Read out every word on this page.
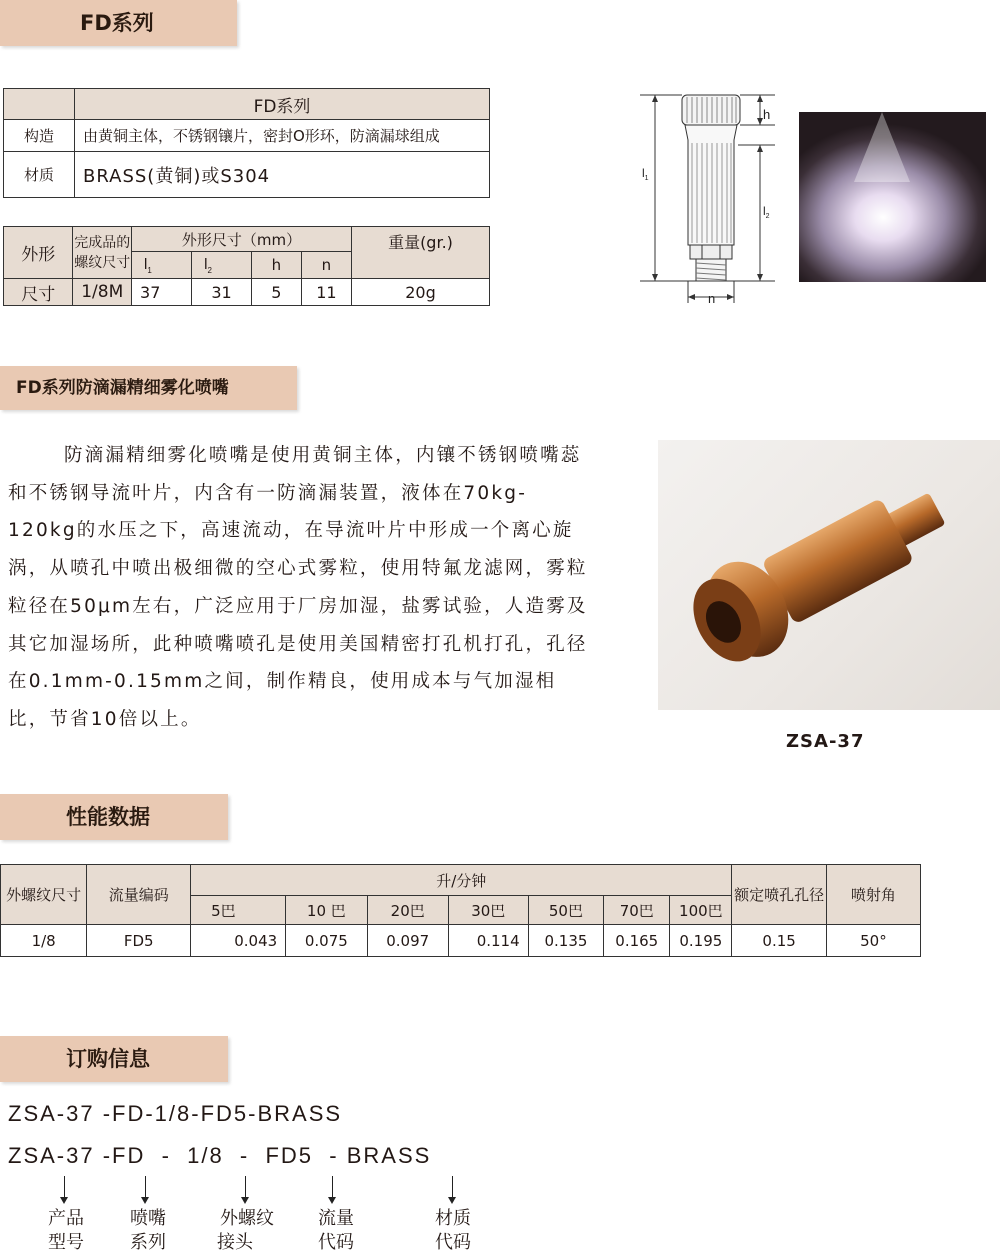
FD系列
	FD系列
构造	由黄铜主体，不锈钢镶片，密封O形环，防滴漏球组成
材质	BRASS(黄铜)或S304
外形	完成品的螺纹尺寸	外形尺寸（mm）				重量(gr.)
		$l_1$	$l_2$	h	n	
尺寸	1/8M	37	31	5	11	20g
h
$l_1$
$l_2$
n
FD系列防滴漏精细雾化喷嘴

防滴漏精细雾化喷嘴是使用黄铜主体，内镶不锈钢喷嘴蕊和不锈钢导流叶片，内含有一防滴漏装置，液体在70kg-120kg的水压之下，高速流动，在导流叶片中形成一个离心旋涡，从喷孔中喷出极细微的空心式雾粒，使用特氟龙滤网，雾粒粒径在50μm左右，广泛应用于厂房加湿，盐雾试验，人造雾及其它加湿场所，此种喷嘴喷孔是使用美国精密打孔机打孔，孔径在0.1mm-0.15mm之间，制作精良，使用成本与气加湿相比，节省10倍以上。

ZSA-37
性能数据
外螺纹尺寸	流量编码	升/分钟							额定喷孔孔径	喷射角
		5巴	10 巴	20巴	30巴	50巴	70巴	100巴		
1/8	FD5	0.043	0.075	0.097	0.114	0.135	0.165	0.195	0.15	50°
订购信息
ZSA-37 -FD-1/8-FD5-BRASS
ZSA-37 -FD  -  1/8  -  FD5  - BRASS
产品
型号
喷嘴
系列
外螺纹
接头
流量
代码
材质
代码
